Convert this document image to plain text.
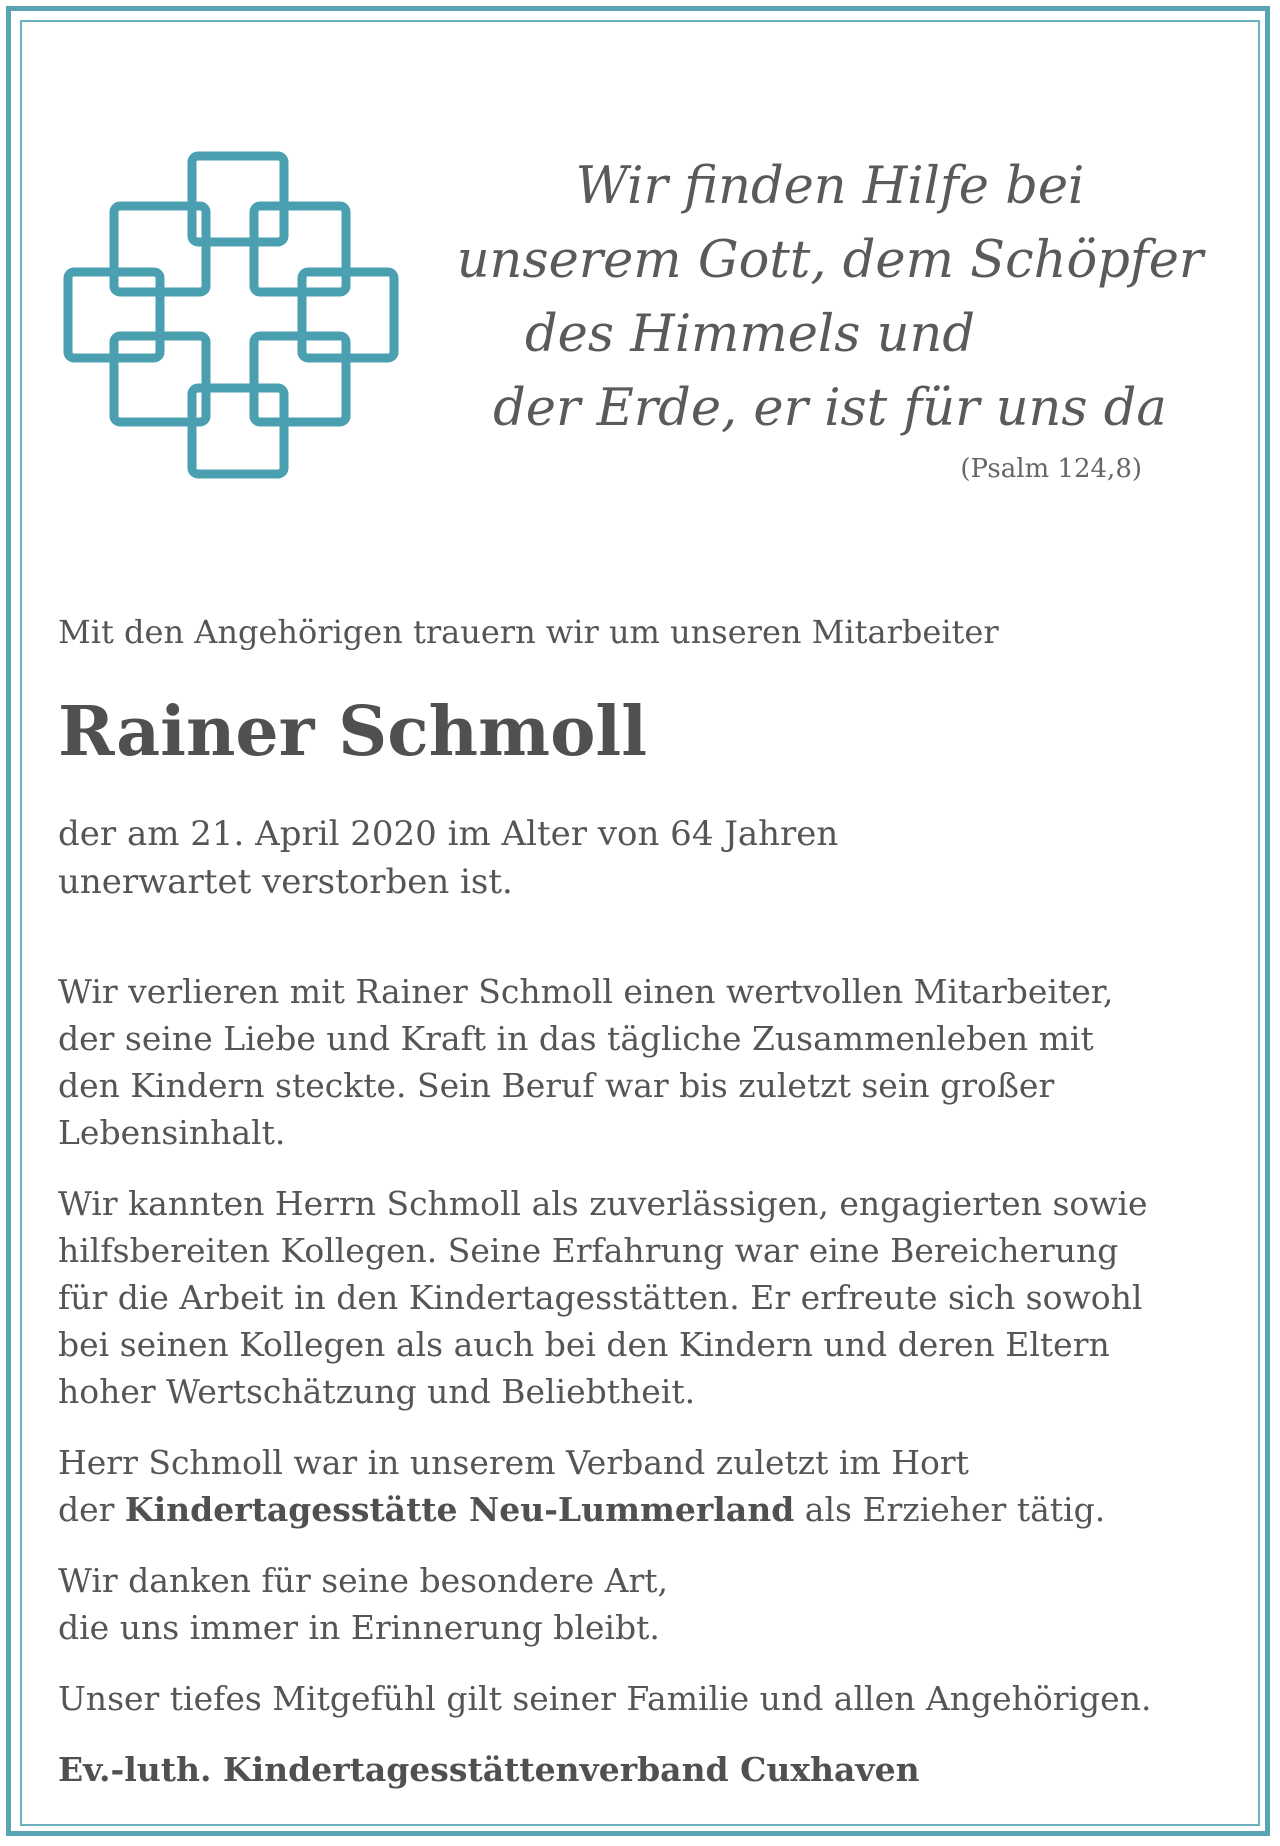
Wir finden Hilfe bei
unserem Gott, dem Schöpfer
des Himmels und
der Erde, er ist für uns da
(Psalm 124,8)

Mit den Angehörigen trauern wir um unseren Mitarbeiter

Rainer Schmoll

der am 21. April 2020 im Alter von 64 Jahren
unerwartet verstorben ist.

Wir verlieren mit Rainer Schmoll einen wertvollen Mitarbeiter,
der seine Liebe und Kraft in das tägliche Zusammenleben mit
den Kindern steckte. Sein Beruf war bis zuletzt sein großer
Lebensinhalt.

Wir kannten Herrn Schmoll als zuverlässigen, engagierten sowie
hilfsbereiten Kollegen. Seine Erfahrung war eine Bereicherung
für die Arbeit in den Kindertagesstätten. Er erfreute sich sowohl
bei seinen Kollegen als auch bei den Kindern und deren Eltern
hoher Wertschätzung und Beliebtheit.

Herr Schmoll war in unserem Verband zuletzt im Hort
der Kindertagesstätte Neu-Lummerland als Erzieher tätig.

Wir danken für seine besondere Art,
die uns immer in Erinnerung bleibt.

Unser tiefes Mitgefühl gilt seiner Familie und allen Angehörigen.

Ev.-luth. Kindertagesstättenverband Cuxhaven
